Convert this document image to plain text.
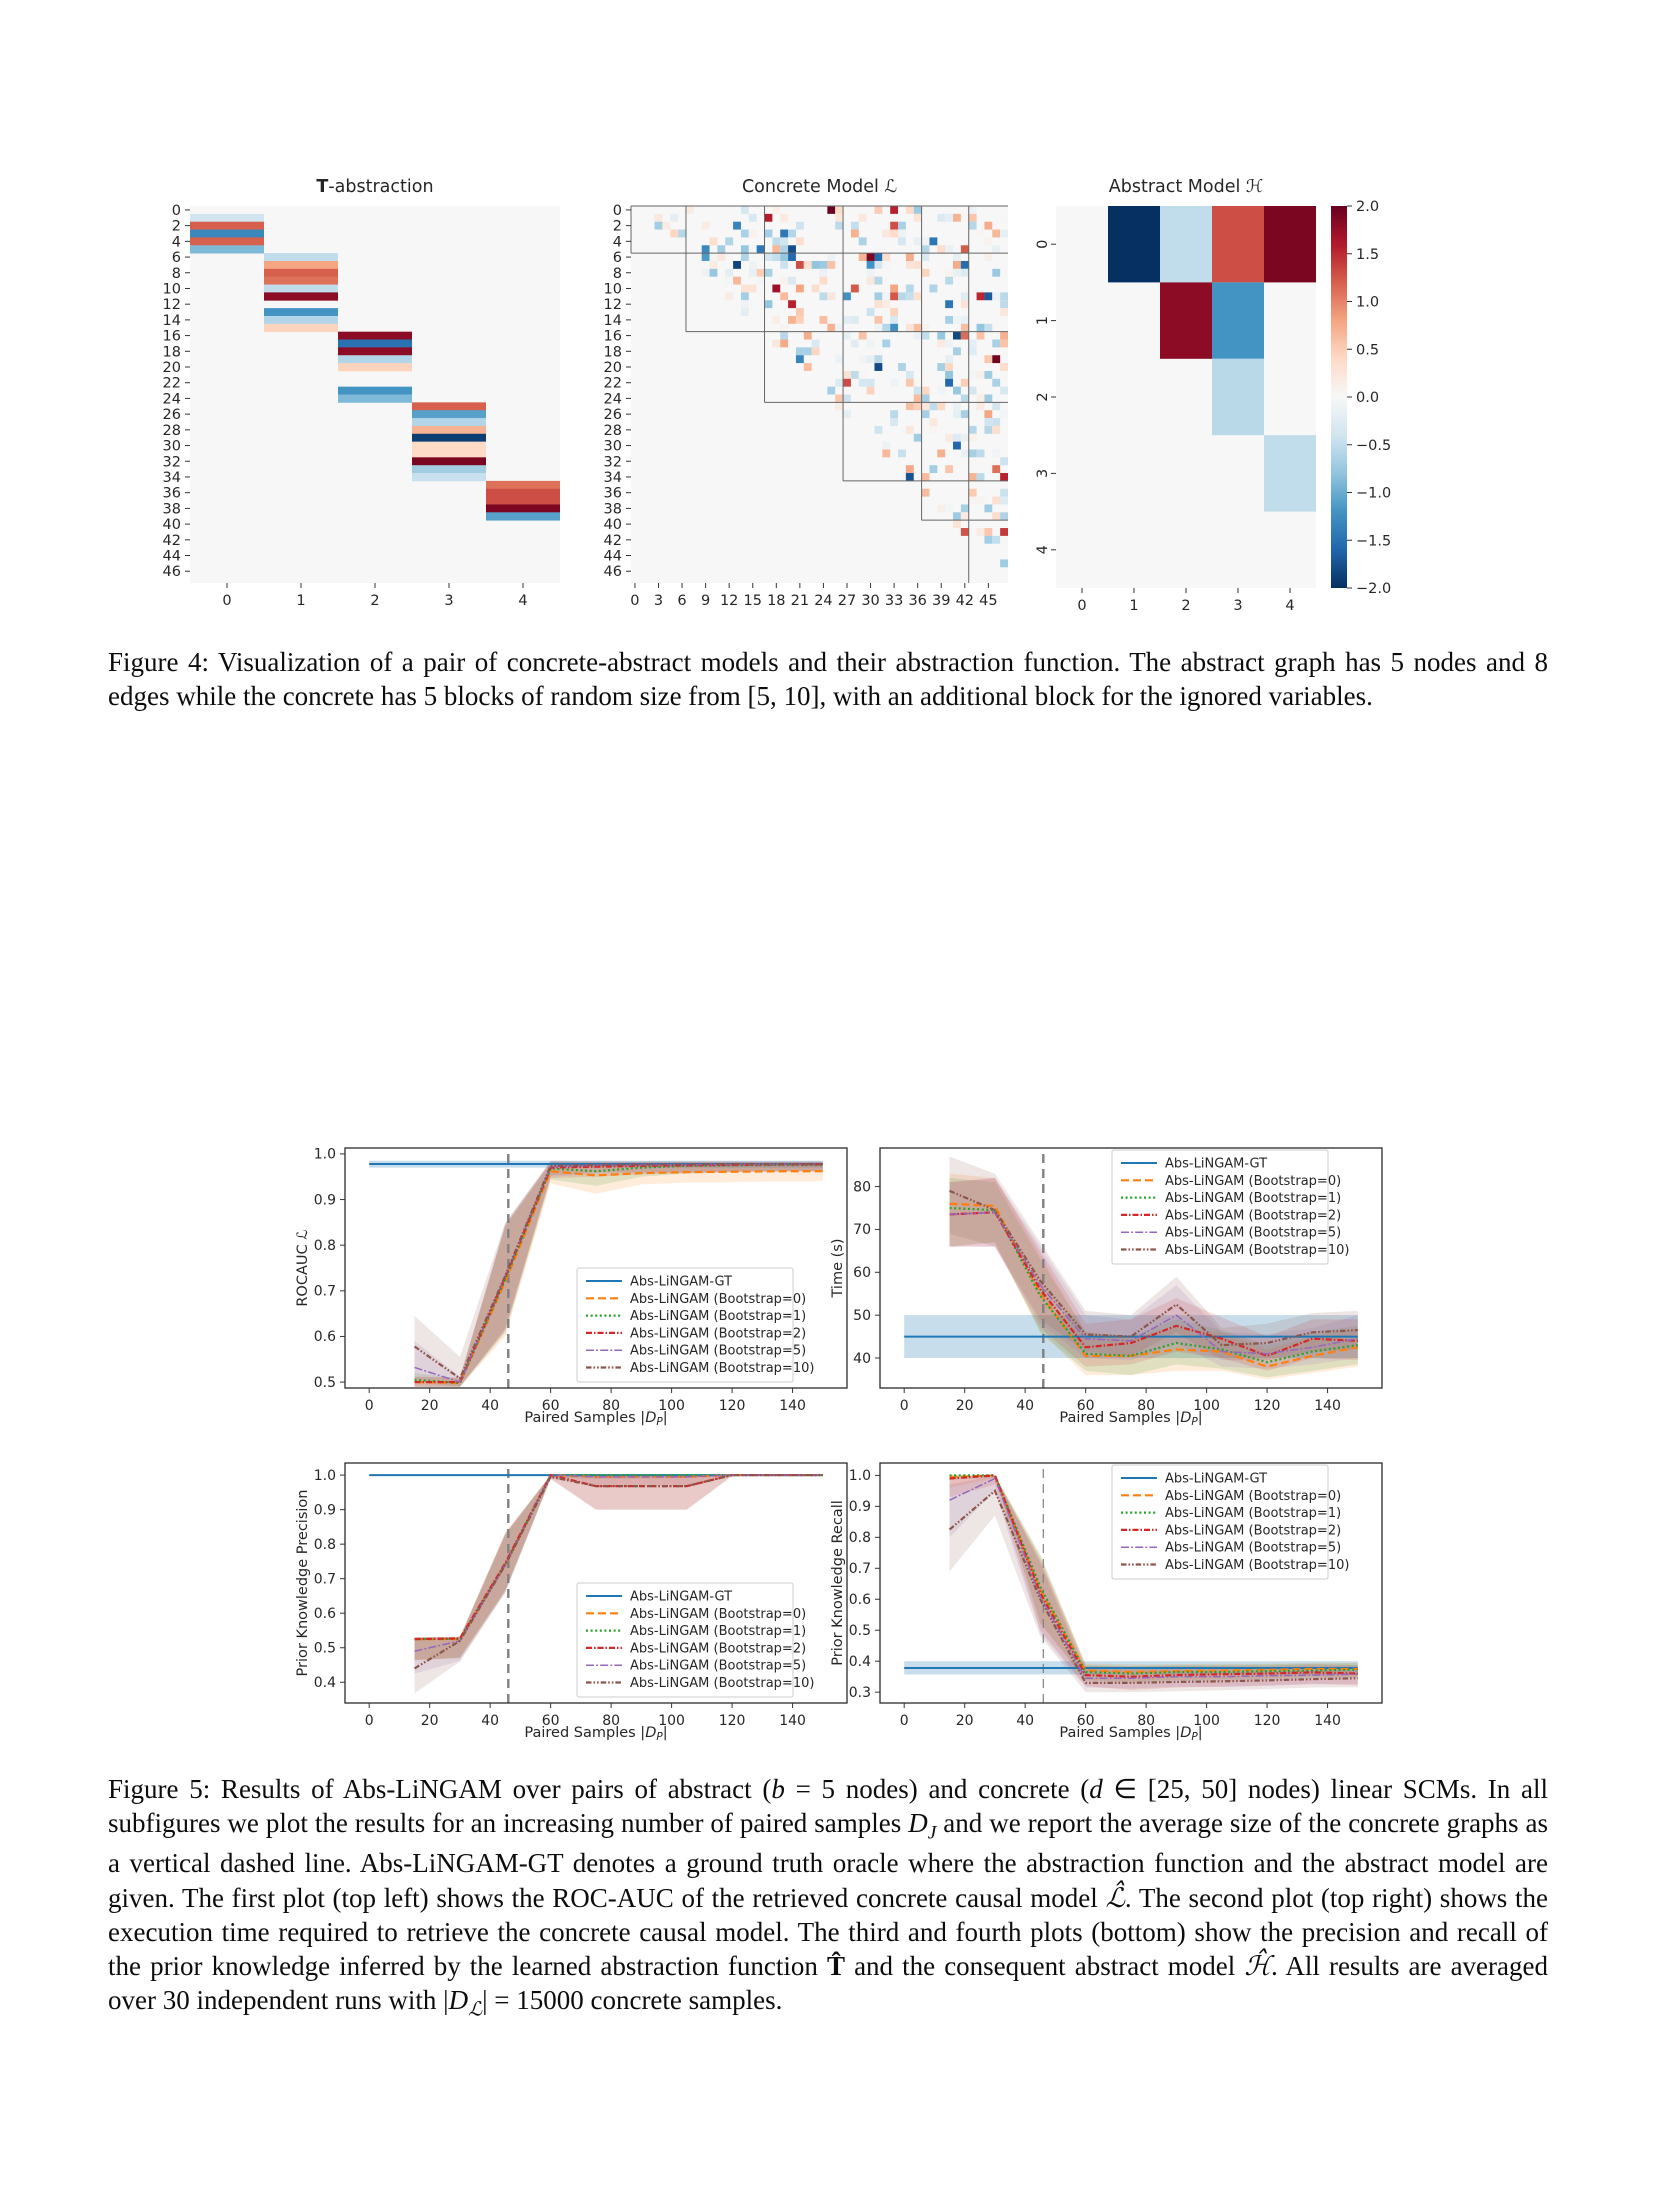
0
2
4
6
8
10
12
14
16
18
20
22
24
26
28
30
32
34
36
38
40
42
44
46
0	1	2	3	4
T-abstraction
0
2
4
6
8
10
12
14
16
18
20
22
24
26
28
30
32
34
36
38
40
42
44
46
0 3 6 9 12 15 18 21 24 27 30 33 36 39 42 45
Concrete Model ℒ
0
1
2
3
4
0	1	2	3	4
Abstract Model ℋ
2.0
1.5
1.0
0.5
0.0
−0.5
−1.0
−1.5
−2.0
Figure 4: Visualization of a pair of concrete-abstract models and their abstraction function. The abstract graph has 5 nodes and 8 edges while the concrete has 5 blocks of random size from [5, 10], with an additional block for the ignored variables.
0	20	40	60	80	100 120 140
0.5
0.6
0.7
0.8
0.9
1.0
ROCAUC ℒ
Paired Samples $|D_P|$
Abs-LiNGAM-GT
Abs-LiNGAM (Bootstrap=0)
Abs-LiNGAM (Bootstrap=1)
Abs-LiNGAM (Bootstrap=2)
Abs-LiNGAM (Bootstrap=5)
Abs-LiNGAM (Bootstrap=10)
0	20	40	60	80	100 120 140
40
50
60
70
80
Time (s)
Paired Samples $|D_P|$
Abs-LiNGAM-GT
Abs-LiNGAM (Bootstrap=0)
Abs-LiNGAM (Bootstrap=1)
Abs-LiNGAM (Bootstrap=2)
Abs-LiNGAM (Bootstrap=5)
Abs-LiNGAM (Bootstrap=10)
0	20	40	60	80	100 120 140
0.4
0.5
0.6
0.7
0.8
0.9
1.0
Prior Knowledge Precision
Paired Samples $|D_P|$
Abs-LiNGAM-GT
Abs-LiNGAM (Bootstrap=0)
Abs-LiNGAM (Bootstrap=1)
Abs-LiNGAM (Bootstrap=2)
Abs-LiNGAM (Bootstrap=5)
Abs-LiNGAM (Bootstrap=10)
0	20	40	60	80	100 120 140
0.3
0.4
0.5
0.6
0.7
0.8
0.9
1.0
Prior Knowledge Recall
Paired Samples $|D_P|$
Abs-LiNGAM-GT
Abs-LiNGAM (Bootstrap=0)
Abs-LiNGAM (Bootstrap=1)
Abs-LiNGAM (Bootstrap=2)
Abs-LiNGAM (Bootstrap=5)
Abs-LiNGAM (Bootstrap=10)
Figure 5: Results of Abs-LiNGAM over pairs of abstract (b = 5 nodes) and concrete (d ∈ [25, 50] nodes) linear SCMs. In all subfigures we plot the results for an increasing number of paired samples $D_J$ and we report the average size of the concrete graphs as a vertical dashed line. Abs-LiNGAM-GT denotes a ground truth oracle where the abstraction function and the abstract model are given. The first plot (top left) shows the ROC-AUC of the retrieved concrete causal model ℒ̂. The second plot (top right) shows the execution time required to retrieve the concrete causal model. The third and fourth plots (bottom) show the precision and recall of the prior knowledge inferred by the learned abstraction function T̂ and the consequent abstract model ℋ̂. All results are averaged over 30 independent runs with $|D_ℒ| = 15000$ concrete samples.
